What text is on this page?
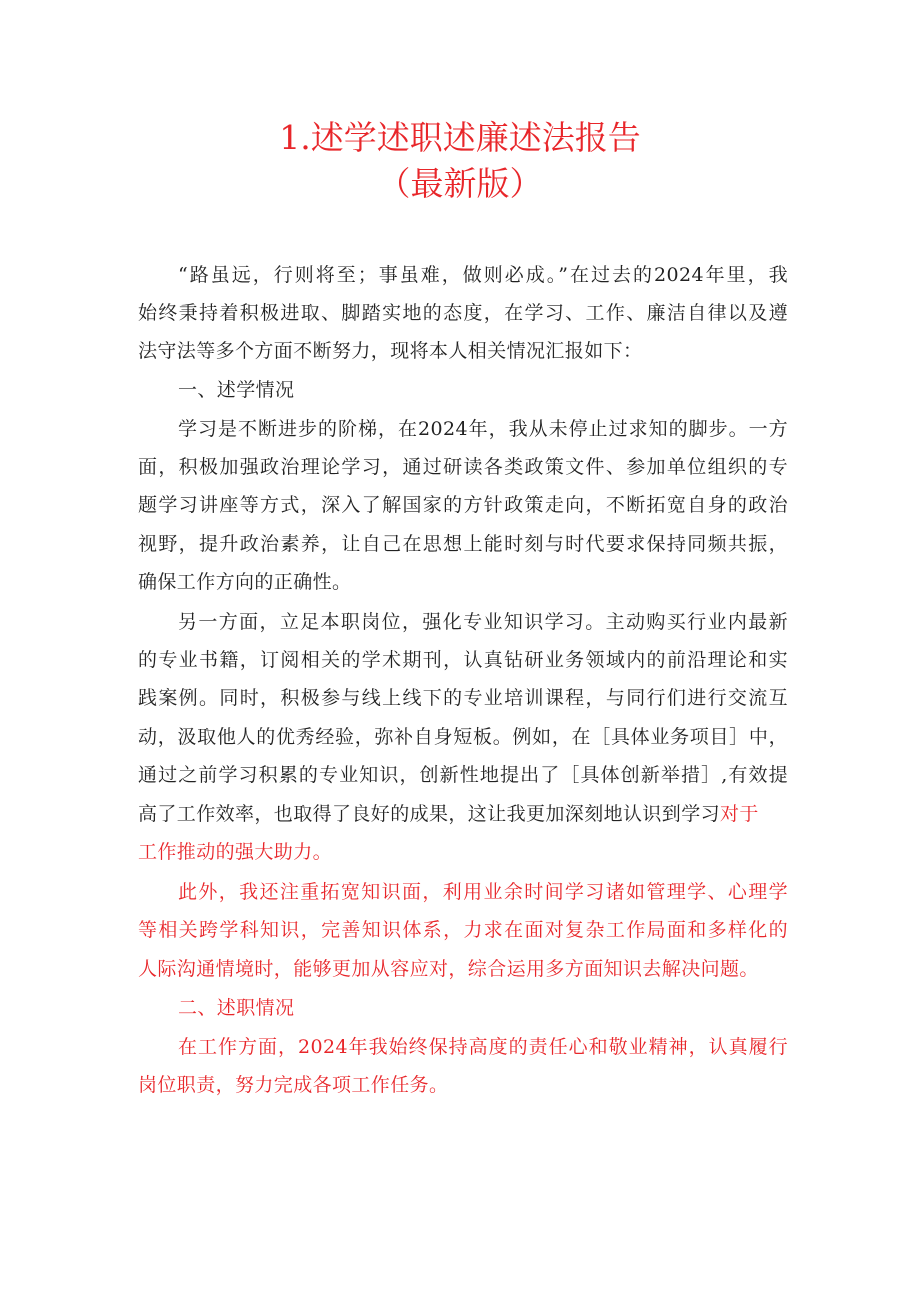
1.述学述职述廉述法报告
（最新版）

“路虽远，行则将至；事虽难，做则必成。”在过去的2024年里，我

始终秉持着积极进取、脚踏实地的态度，在学习、工作、廉洁自律以及遵

法守法等多个方面不断努力，现将本人相关情况汇报如下：

一、述学情况

学习是不断进步的阶梯，在2024年，我从未停止过求知的脚步。一方

面，积极加强政治理论学习，通过研读各类政策文件、参加单位组织的专

题学习讲座等方式，深入了解国家的方针政策走向，不断拓宽自身的政治

视野，提升政治素养，让自己在思想上能时刻与时代要求保持同频共振，

确保工作方向的正确性。

另一方面，立足本职岗位，强化专业知识学习。主动购买行业内最新

的专业书籍，订阅相关的学术期刊，认真钻研业务领域内的前沿理论和实

践案例。同时，积极参与线上线下的专业培训课程，与同行们进行交流互

动，汲取他人的优秀经验，弥补自身短板。例如，在［具体业务项目］中，

通过之前学习积累的专业知识，创新性地提出了［具体创新举措］,有效提

高了工作效率，也取得了良好的成果，这让我更加深刻地认识到学习对于

工作推动的强大助力。

此外，我还注重拓宽知识面，利用业余时间学习诸如管理学、心理学

等相关跨学科知识，完善知识体系，力求在面对复杂工作局面和多样化的

人际沟通情境时，能够更加从容应对，综合运用多方面知识去解决问题。

二、述职情况

在工作方面，2024年我始终保持高度的责任心和敬业精神，认真履行

岗位职责，努力完成各项工作任务。
